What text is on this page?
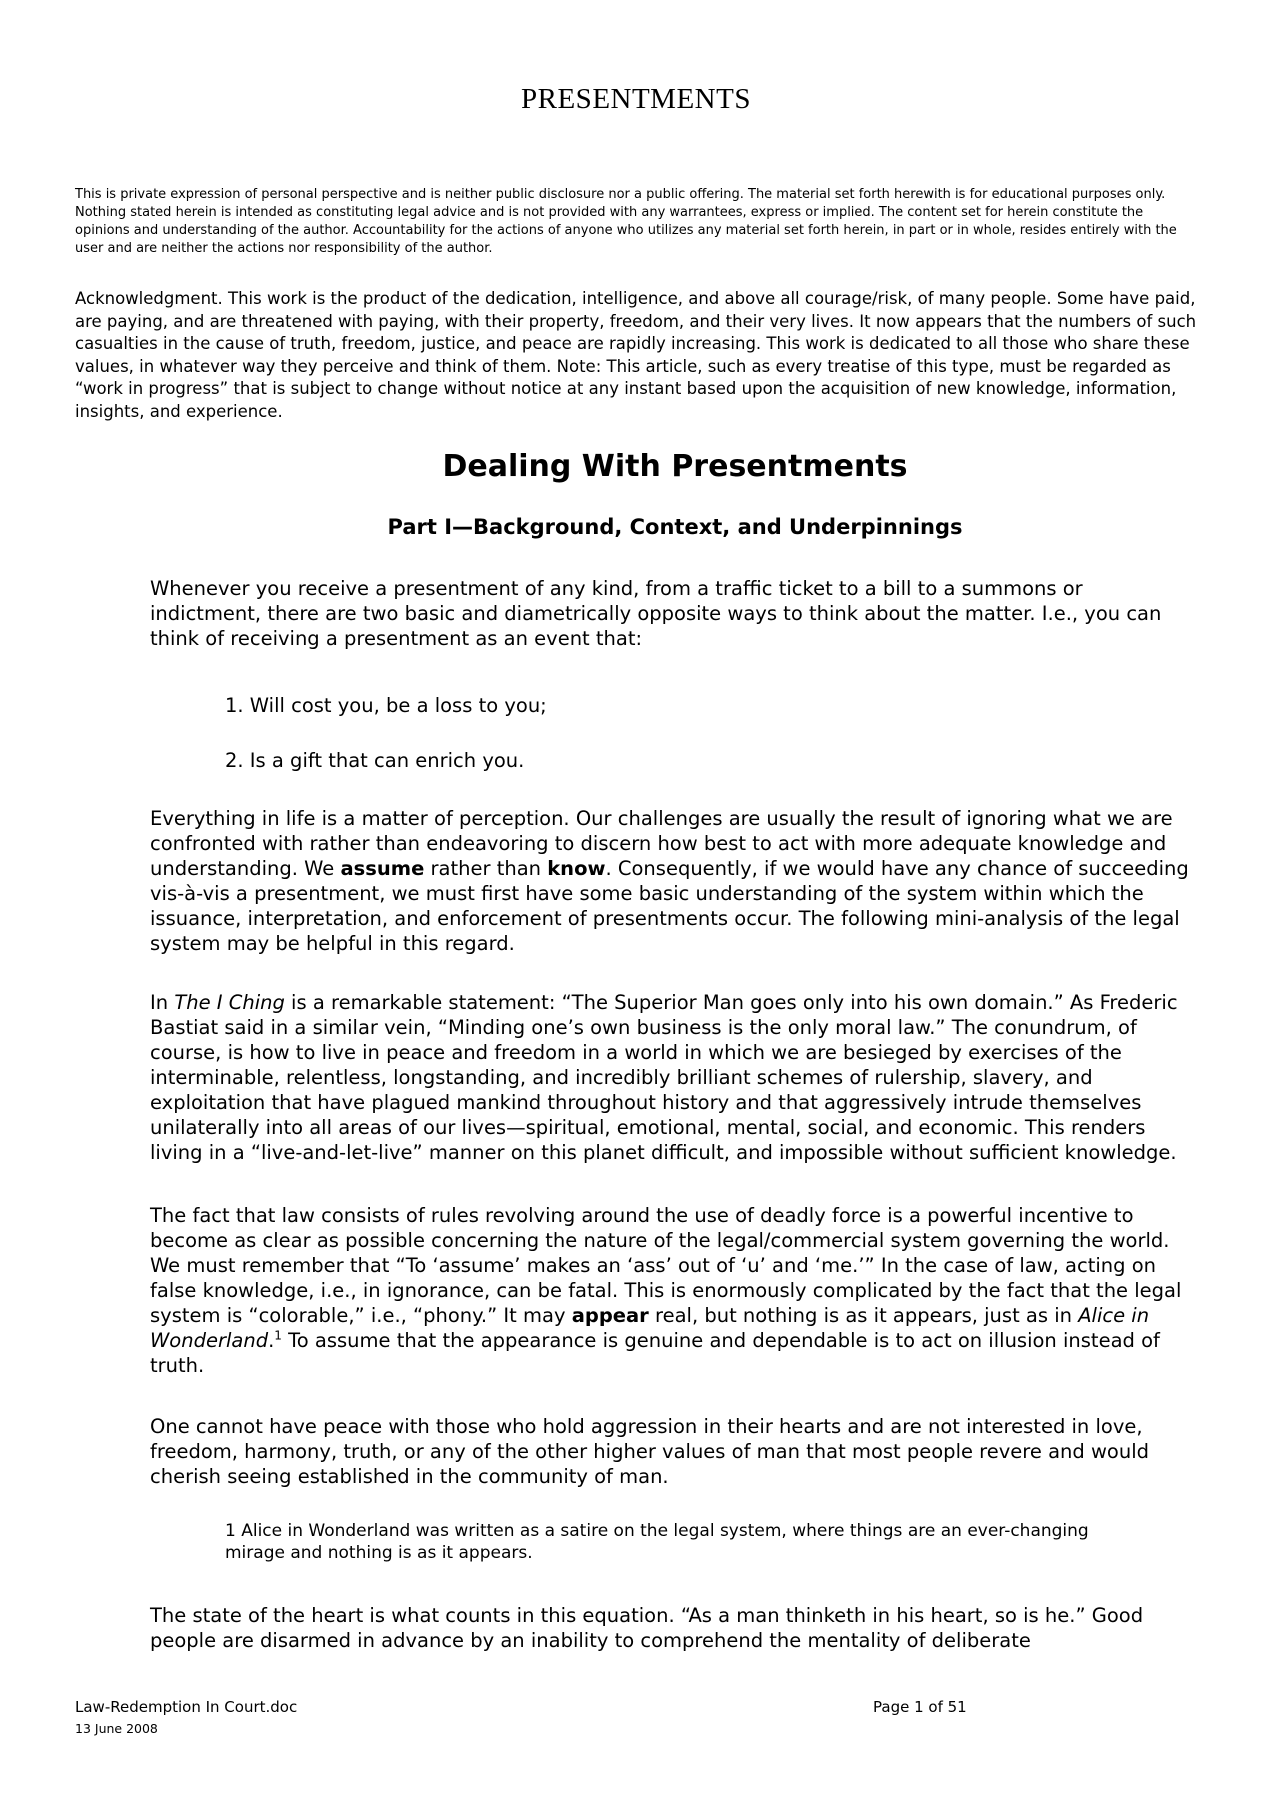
PRESENTMENTS

This is private expression of personal perspective and is neither public disclosure nor a public offering. The material set forth herewith is for educational purposes only. Nothing stated herein is intended as constituting legal advice and is not provided with any warrantees, express or implied. The content set for herein constitute the opinions and understanding of the author. Accountability for the actions of anyone who utilizes any material set forth herein, in part or in whole, resides entirely with the user and are neither the actions nor responsibility of the author.

Acknowledgment. This work is the product of the dedication, intelligence, and above all courage/risk, of many people. Some have paid, are paying, and are threatened with paying, with their property, freedom, and their very lives. It now appears that the numbers of such casualties in the cause of truth, freedom, justice, and peace are rapidly increasing. This work is dedicated to all those who share these values, in whatever way they perceive and think of them. Note: This article, such as every treatise of this type, must be regarded as “work in progress” that is subject to change without notice at any instant based upon the acquisition of new knowledge, information, insights, and experience.

Dealing With Presentments
Part I—Background, Context, and Underpinnings

Whenever you receive a presentment of any kind, from a traffic ticket to a bill to a summons or indictment, there are two basic and diametrically opposite ways to think about the matter. I.e., you can think of receiving a presentment as an event that:

1. Will cost you, be a loss to you;

2. Is a gift that can enrich you.

Everything in life is a matter of perception. Our challenges are usually the result of ignoring what we are confronted with rather than endeavoring to discern how best to act with more adequate knowledge and understanding. We assume rather than know. Consequently, if we would have any chance of succeeding vis-à-vis a presentment, we must first have some basic understanding of the system within which the issuance, interpretation, and enforcement of presentments occur. The following mini-analysis of the legal system may be helpful in this regard.

In The I Ching is a remarkable statement: “The Superior Man goes only into his own domain.” As Frederic Bastiat said in a similar vein, “Minding one’s own business is the only moral law.” The conundrum, of course, is how to live in peace and freedom in a world in which we are besieged by exercises of the interminable, relentless, longstanding, and incredibly brilliant schemes of rulership, slavery, and exploitation that have plagued mankind throughout history and that aggressively intrude themselves unilaterally into all areas of our lives—spiritual, emotional, mental, social, and economic. This renders living in a “live-and-let-live” manner on this planet difficult, and impossible without sufficient knowledge.

The fact that law consists of rules revolving around the use of deadly force is a powerful incentive to become as clear as possible concerning the nature of the legal/commercial system governing the world. We must remember that “To ‘assume’ makes an ‘ass’ out of ‘u’ and ‘me.’” In the case of law, acting on false knowledge, i.e., in ignorance, can be fatal. This is enormously complicated by the fact that the legal system is “colorable,” i.e., “phony.” It may appear real, but nothing is as it appears, just as in Alice in Wonderland.$^1$ To assume that the appearance is genuine and dependable is to act on illusion instead of truth.

One cannot have peace with those who hold aggression in their hearts and are not interested in love, freedom, harmony, truth, or any of the other higher values of man that most people revere and would cherish seeing established in the community of man.

1 Alice in Wonderland was written as a satire on the legal system, where things are an ever-changing mirage and nothing is as it appears.

The state of the heart is what counts in this equation. “As a man thinketh in his heart, so is he.” Good people are disarmed in advance by an inability to comprehend the mentality of deliberate

Law-Redemption In Court.doc	Page 1 of 51
13 June 2008
